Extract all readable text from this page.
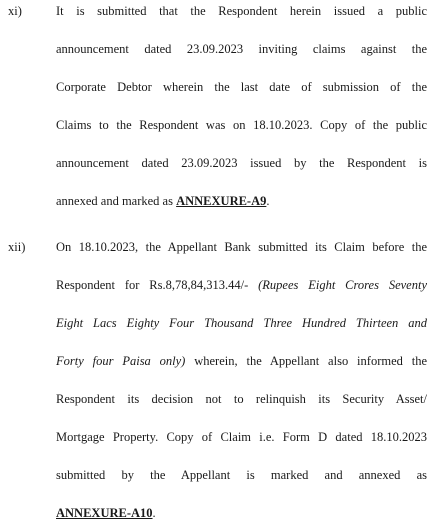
xi)	It is submitted that the Respondent herein issued a public
announcement dated 23.09.2023 inviting claims against the
Corporate Debtor wherein the last date of submission of the
Claims to the Respondent was on 18.10.2023. Copy of the public
announcement dated 23.09.2023 issued by the Respondent is
annexed and marked as ANNEXURE-A9.
xii) On 18.10.2023, the Appellant Bank submitted its Claim before the
Respondent for Rs.8,78,84,313.44/- (Rupees Eight Crores Seventy
Eight Lacs Eighty Four Thousand Three Hundred Thirteen and
Forty four Paisa only) wherein, the Appellant also informed the
Respondent its decision not to relinquish its Security Asset/
Mortgage Property. Copy of Claim i.e. Form D dated 18.10.2023
submitted by the Appellant is marked and annexed as
ANNEXURE-A10.
